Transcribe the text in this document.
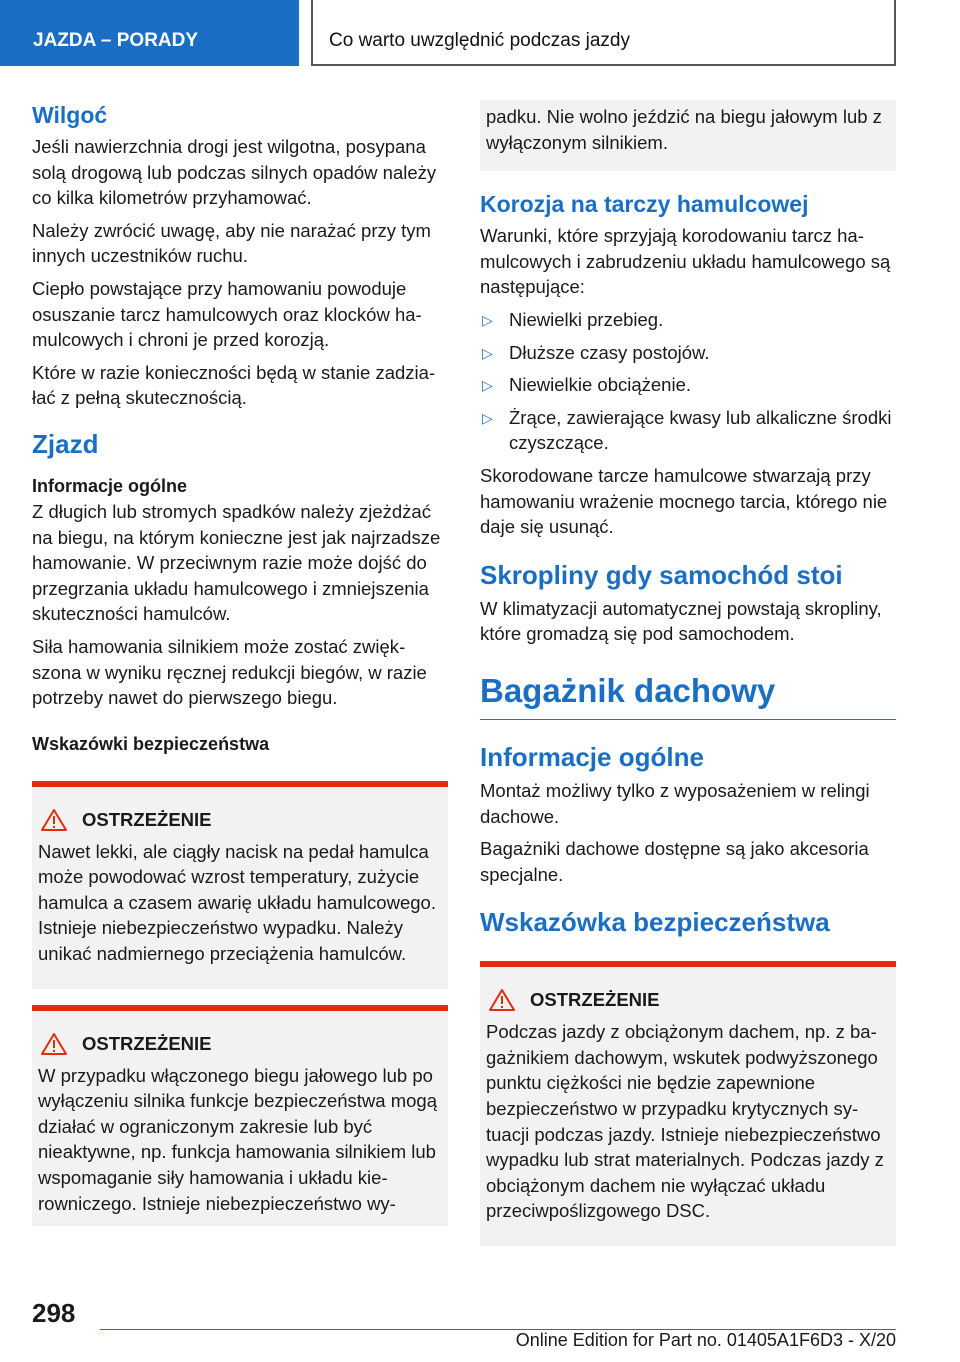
JAZDA – PORADY	Co warto uwzględnić podczas jazdy
Wilgoć

Jeśli nawierzchnia drogi jest wilgotna, posypana solą drogową lub podczas silnych opadów należy co kilka kilometrów przyhamować.

Należy zwrócić uwagę, aby nie narażać przy tym innych uczestników ruchu.

Ciepło powstające przy hamowaniu powoduje osuszanie tarcz hamulcowych oraz klocków hamulcowych i chroni je przed korozją.

Które w razie konieczności będą w stanie zadziałać z pełną skutecznością.

Zjazd
Informacje ogólne

Z długich lub stromych spadków należy zjeżdżać na biegu, na którym konieczne jest jak najrzadsze hamowanie. W przeciwnym razie może dojść do przegrzania układu hamulcowego i zmniejszenia skuteczności hamulców.

Siła hamowania silnikiem może zostać zwiększona w wyniku ręcznej redukcji biegów, w razie potrzeby nawet do pierwszego biegu.

Wskazówki bezpieczeństwa
OSTRZEŻENIE

Nawet lekki, ale ciągły nacisk na pedał hamulca może powodować wzrost temperatury, zużycie hamulca a czasem awarię układu hamulcowego. Istnieje niebezpieczeństwo wypadku. Należy unikać nadmiernego przeciążenia hamulców.

OSTRZEŻENIE

W przypadku włączonego biegu jałowego lub po wyłączeniu silnika funkcje bezpieczeństwa mogą działać w ograniczonym zakresie lub być nieaktywne, np. funkcja hamowania silnikiem lub wspomaganie siły hamowania i układu kierowniczego. Istnieje niebezpieczeństwo wy-

padku. Nie wolno jeździć na biegu jałowym lub z wyłączonym silnikiem.

Korozja na tarczy hamulcowej

Warunki, które sprzyjają korodowaniu tarcz hamulcowych i zabrudzeniu układu hamulcowego są następujące:

▷ Niewielki przebieg.
▷ Dłuższe czasy postojów.
▷ Niewielkie obciążenie.
▷ Żrące, zawierające kwasy lub alkaliczne środki czyszczące.

Skorodowane tarcze hamulcowe stwarzają przy hamowaniu wrażenie mocnego tarcia, którego nie daje się usunąć.

Skropliny gdy samochód stoi

W klimatyzacji automatycznej powstają skropliny, które gromadzą się pod samochodem.

Bagażnik dachowy
Informacje ogólne

Montaż możliwy tylko z wyposażeniem w relingi dachowe.

Bagażniki dachowe dostępne są jako akcesoria specjalne.

Wskazówka bezpieczeństwa
OSTRZEŻENIE

Podczas jazdy z obciążonym dachem, np. z bagażnikiem dachowym, wskutek podwyższonego punktu ciężkości nie będzie zapewnione bezpieczeństwo w przypadku krytycznych sytuacji podczas jazdy. Istnieje niebezpieczeństwo wypadku lub strat materialnych. Podczas jazdy z obciążonym dachem nie wyłączać układu przeciwpoślizgowego DSC.

298
Online Edition for Part no. 01405A1F6D3 - X/20
